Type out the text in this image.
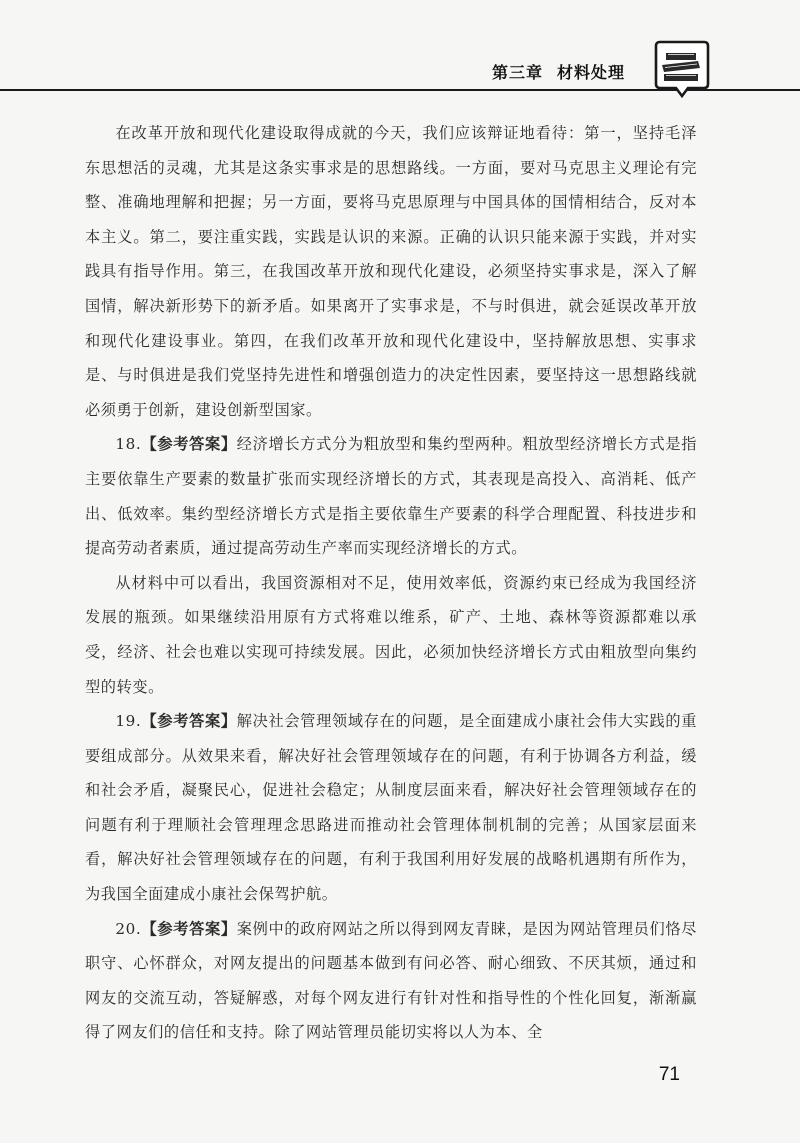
第三章 材料处理

在改革开放和现代化建设取得成就的今天，我们应该辩证地看待：第一，坚持毛泽东思想活的灵魂，尤其是这条实事求是的思想路线。一方面，要对马克思主义理论有完整、准确地理解和把握；另一方面，要将马克思原理与中国具体的国情相结合，反对本本主义。第二，要注重实践，实践是认识的来源。正确的认识只能来源于实践，并对实践具有指导作用。第三，在我国改革开放和现代化建设，必须坚持实事求是，深入了解国情，解决新形势下的新矛盾。如果离开了实事求是，不与时俱进，就会延误改革开放和现代化建设事业。第四，在我们改革开放和现代化建设中，坚持解放思想、实事求是、与时俱进是我们党坚持先进性和增强创造力的决定性因素，要坚持这一思想路线就必须勇于创新，建设创新型国家。

18.【参考答案】经济增长方式分为粗放型和集约型两种。粗放型经济增长方式是指主要依靠生产要素的数量扩张而实现经济增长的方式，其表现是高投入、高消耗、低产出、低效率。集约型经济增长方式是指主要依靠生产要素的科学合理配置、科技进步和提高劳动者素质，通过提高劳动生产率而实现经济增长的方式。

从材料中可以看出，我国资源相对不足，使用效率低，资源约束已经成为我国经济发展的瓶颈。如果继续沿用原有方式将难以维系，矿产、土地、森林等资源都难以承受，经济、社会也难以实现可持续发展。因此，必须加快经济增长方式由粗放型向集约型的转变。

19.【参考答案】解决社会管理领域存在的问题，是全面建成小康社会伟大实践的重要组成部分。从效果来看，解决好社会管理领域存在的问题，有利于协调各方利益，缓和社会矛盾，凝聚民心，促进社会稳定；从制度层面来看，解决好社会管理领域存在的问题有利于理顺社会管理理念思路进而推动社会管理体制机制的完善；从国家层面来看，解决好社会管理领域存在的问题，有利于我国利用好发展的战略机遇期有所作为，为我国全面建成小康社会保驾护航。

20.【参考答案】案例中的政府网站之所以得到网友青睐，是因为网站管理员们恪尽职守、心怀群众，对网友提出的问题基本做到有问必答、耐心细致、不厌其烦，通过和网友的交流互动，答疑解惑，对每个网友进行有针对性和指导性的个性化回复，渐渐赢得了网友们的信任和支持。除了网站管理员能切实将以人为本、全

71
